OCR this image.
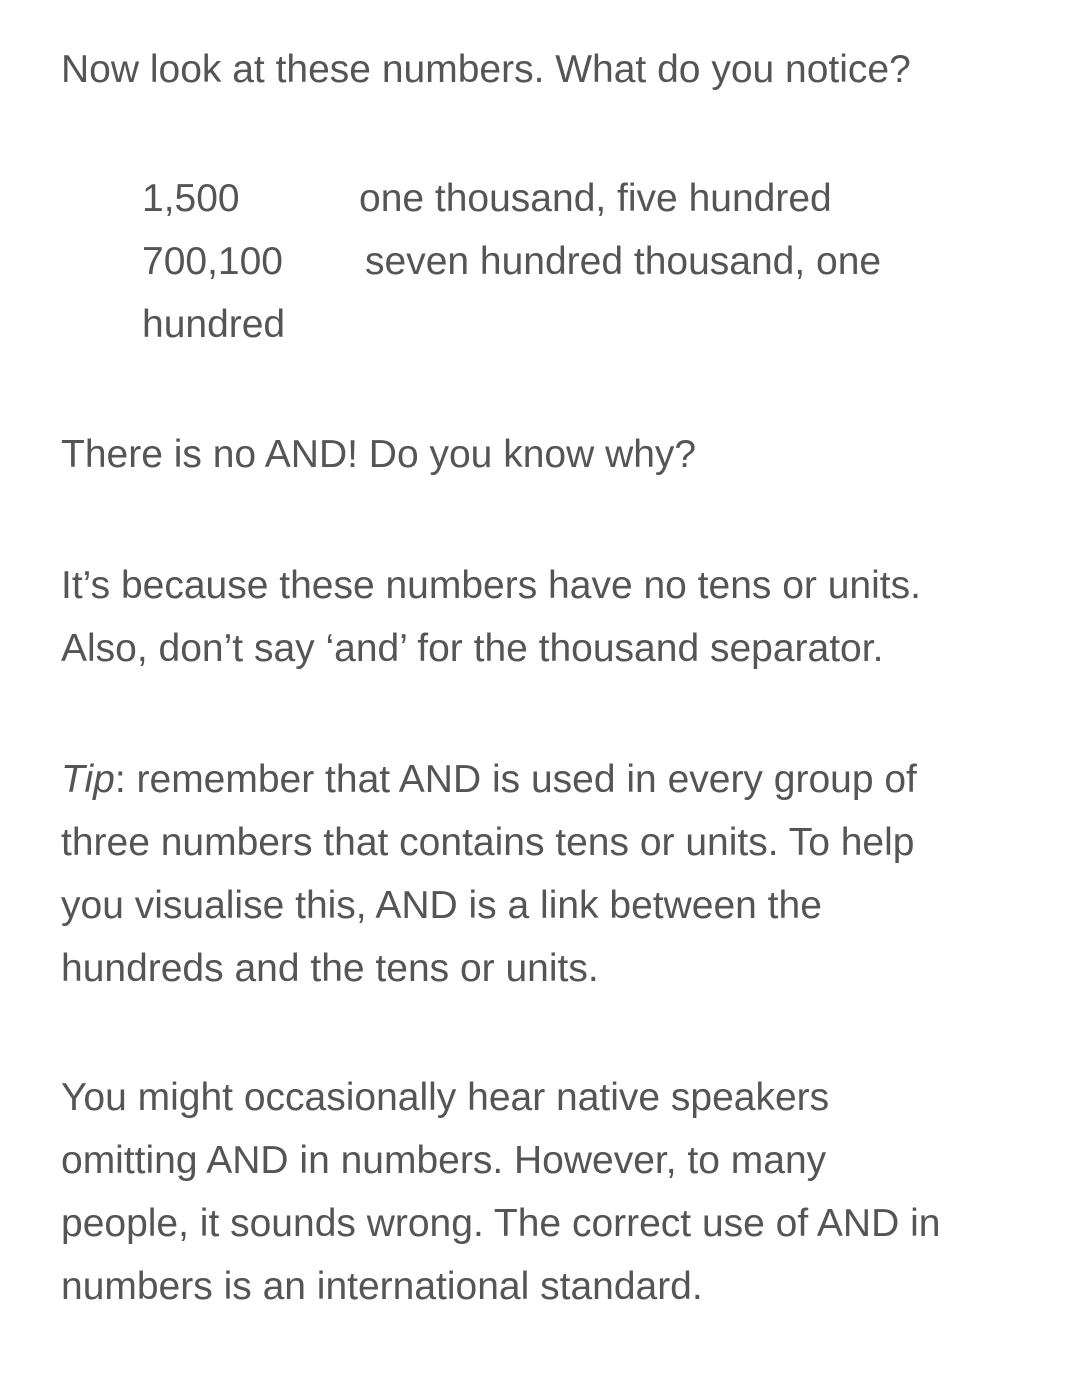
Now look at these numbers. What do you notice?

1,500	one thousand, five hundred
700,100 seven hundred thousand, one
hundred

There is no AND! Do you know why?

It’s because these numbers have no tens or units.

Also, don’t say ‘and’ for the thousand separator.

Tip: remember that AND is used in every group of

three numbers that contains tens or units. To help

you visualise this, AND is a link between the

hundreds and the tens or units.

You might occasionally hear native speakers

omitting AND in numbers. However, to many

people, it sounds wrong. The correct use of AND in

numbers is an international standard.
